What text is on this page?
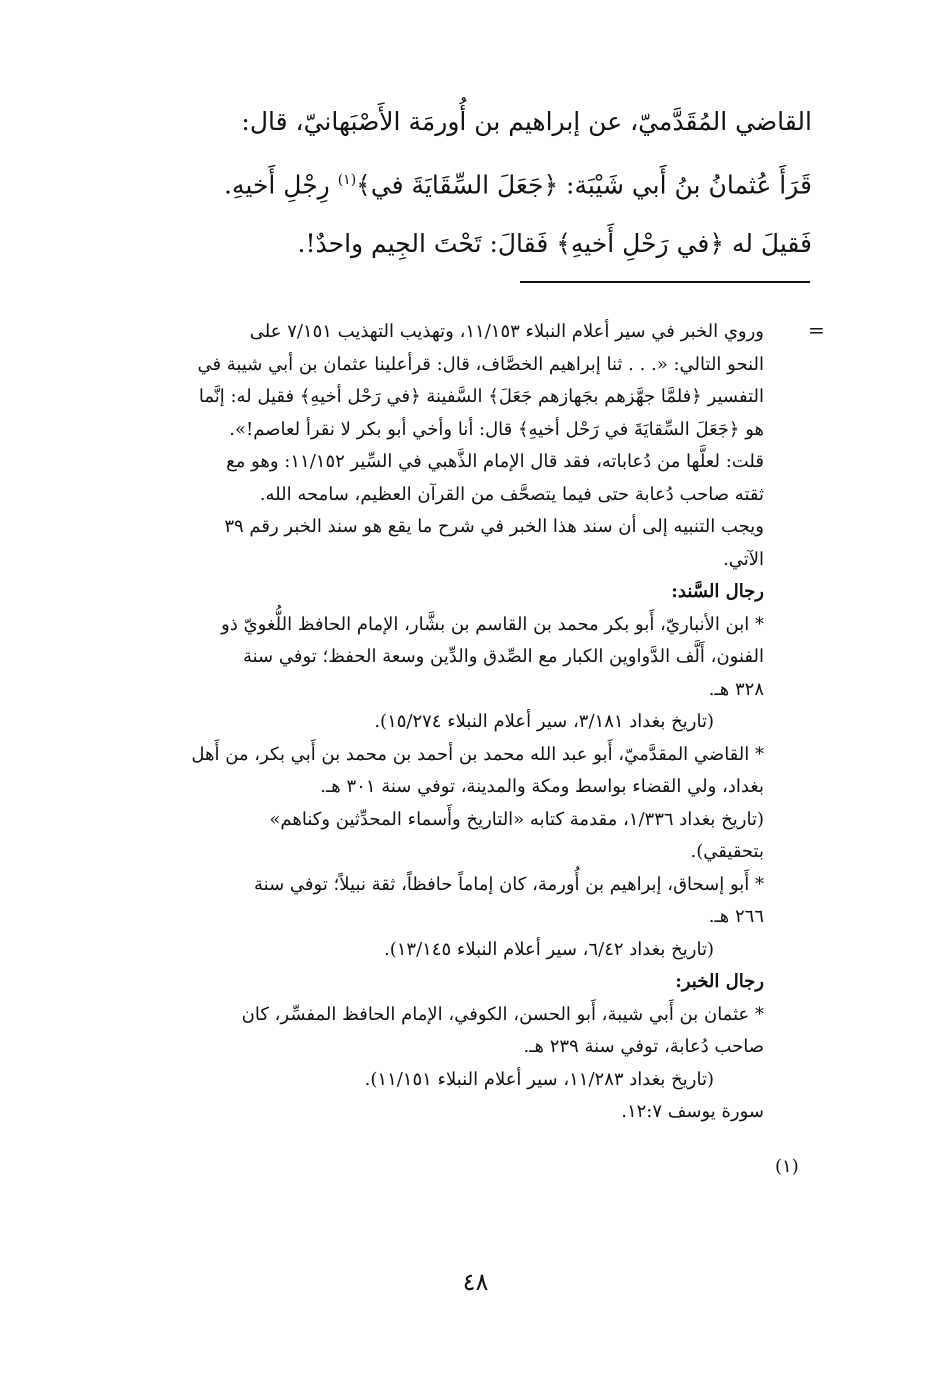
القاضي المُقَدَّميّ، عن إبراهيم بن أُورمَة الأَصْبَهانيّ، قال:
قَرَأَ عُثمانُ بنُ أَبي شَيْبَة: ﴿جَعَلَ السِّقَايَةَ في﴾$^{(١)}$ رِجْلِ أَخيهِ.
فَقيلَ له ﴿في رَحْلِ أَخيهِ﴾ فَقالَ: تَحْتَ الجِيم واحدٌ!.
=
وروي الخبر في سير أعلام النبلاء ١١/١٥٣، وتهذيب التهذيب ٧/١٥١ على
النحو التالي: «. . . ثنا إبراهيم الخصَّاف، قال: قرأعلينا عثمان بن أبي شيبة في
التفسير ﴿فلمَّا جهَّزهم بجَهازهم جَعَلَ﴾ السَّفينة ﴿في رَحْل أخيهِ﴾ فقيل له: إنَّما
هو ﴿جَعَلَ السِّقايَةَ في رَحْل أخيهِ﴾ قال: أنا وأخي أبو بكر لا نقرأ لعاصم!».
قلت: لعلَّها من دُعاباته، فقد قال الإمام الذَّهبي في السِّير ١١/١٥٢: وهو مع
ثقته صاحب دُعابة حتى فيما يتصحَّف من القرآن العظيم، سامحه الله.
ويجب التنبيه إلى أن سند هذا الخبر في شرح ما يقع هو سند الخبر رقم ٣٩
الآتي.
رجال السَّند:
* ابن الأنباريّ، أَبو بكر محمد بن القاسم بن بشَّار، الإمام الحافظ اللُّغويّ ذو
الفنون، أَلَّف الدَّواوين الكبار مع الصِّدق والدِّين وسعة الحفظ؛ توفي سنة
٣٢٨ هـ.
(تاريخ بغداد ٣/١٨١، سير أعلام النبلاء ١٥/٢٧٤).
* القاضي المقدَّميّ، أَبو عبد الله محمد بن أحمد بن محمد بن أَبي بكر، من أَهل
بغداد، ولي القضاء بواسط ومكة والمدينة، توفي سنة ٣٠١ هـ.
(تاريخ بغداد ١/٣٣٦، مقدمة كتابه «التاريخ وأَسماء المحدِّثين وكناهم»
بتحقيقي).
* أَبو إسحاق، إبراهيم بن أُورمة، كان إماماً حافظاً، ثقة نبيلاً؛ توفي سنة
٢٦٦ هـ.
(تاريخ بغداد ٦/٤٢، سير أعلام النبلاء ١٣/١٤٥).
رجال الخبر:
* عثمان بن أَبي شيبة، أَبو الحسن، الكوفي، الإمام الحافظ المفسِّر، كان
صاحب دُعابة، توفي سنة ٢٣٩ هـ.
(تاريخ بغداد ١١/٢٨٣، سير أعلام النبلاء ١١/١٥١).
سورة يوسف ١٢:٧.
(١)
٤٨
